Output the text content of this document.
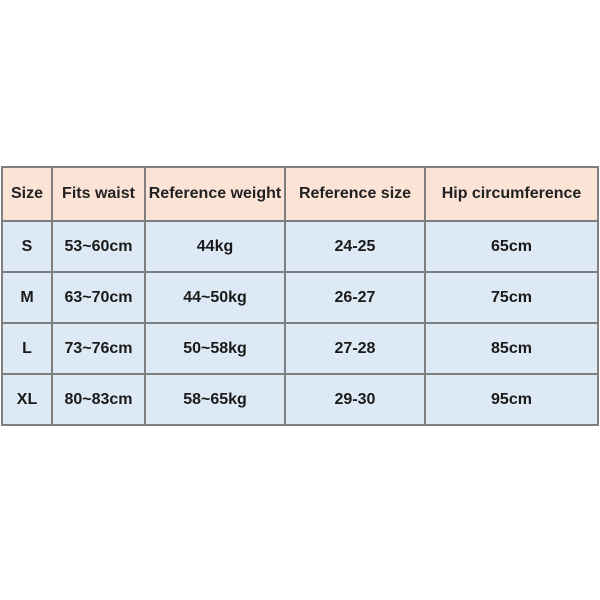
Size	Fits waist	Reference weight	Reference size	Hip circumference
S	53~60cm	44kg	24-25	65cm
M	63~70cm	44~50kg	26-27	75cm
L	73~76cm	50~58kg	27-28	85cm
XL	80~83cm	58~65kg	29-30	95cm
